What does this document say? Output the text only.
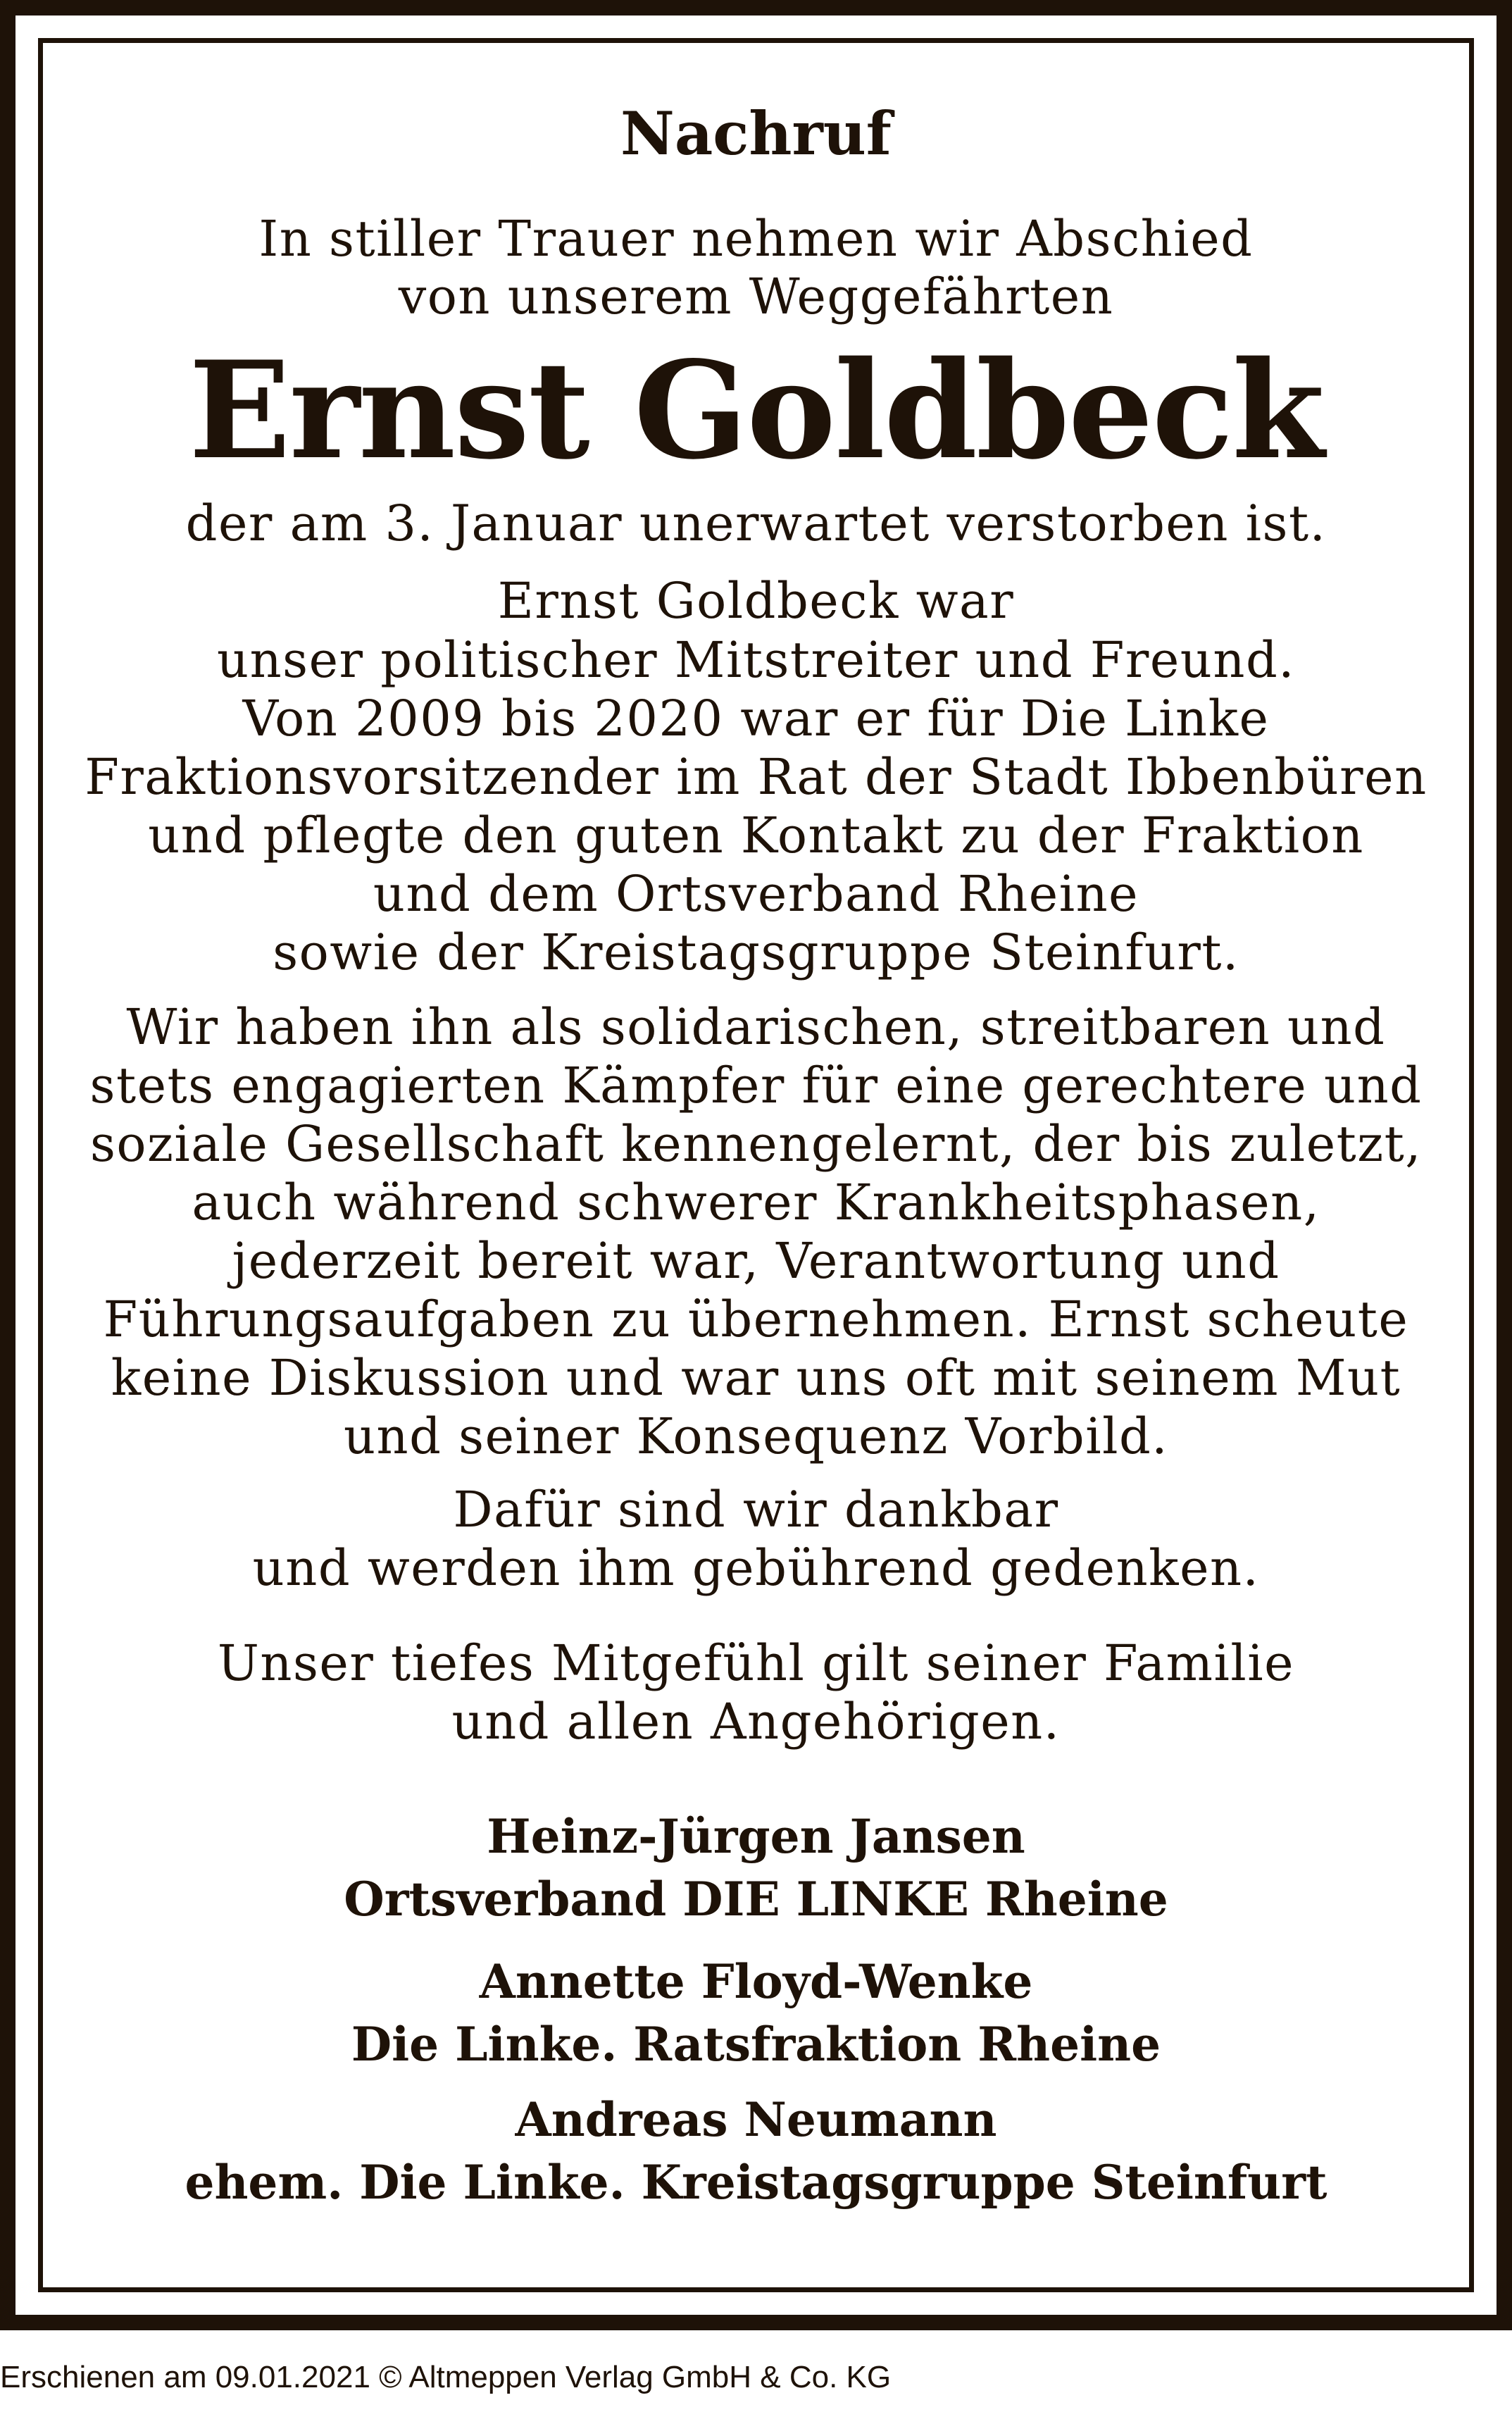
Nachruf
In stiller Trauer nehmen wir Abschied
von unserem Weggefährten
Ernst Goldbeck
der am 3. Januar unerwartet verstorben ist.
Ernst Goldbeck war
unser politischer Mitstreiter und Freund.
Von 2009 bis 2020 war er für Die Linke
Fraktionsvorsitzender im Rat der Stadt Ibbenbüren
und pflegte den guten Kontakt zu der Fraktion
und dem Ortsverband Rheine
sowie der Kreistagsgruppe Steinfurt.
Wir haben ihn als solidarischen, streitbaren und
stets engagierten Kämpfer für eine gerechtere und
soziale Gesellschaft kennengelernt, der bis zuletzt,
auch während schwerer Krankheitsphasen,
jederzeit bereit war, Verantwortung und
Führungsaufgaben zu übernehmen. Ernst scheute
keine Diskussion und war uns oft mit seinem Mut
und seiner Konsequenz Vorbild.
Dafür sind wir dankbar
und werden ihm gebührend gedenken.
Unser tiefes Mitgefühl gilt seiner Familie
und allen Angehörigen.
Heinz-Jürgen Jansen
Ortsverband DIE LINKE Rheine
Annette Floyd-Wenke
Die Linke. Ratsfraktion Rheine
Andreas Neumann
ehem. Die Linke. Kreistagsgruppe Steinfurt
Erschienen am 09.01.2021 © Altmeppen Verlag GmbH & Co. KG
